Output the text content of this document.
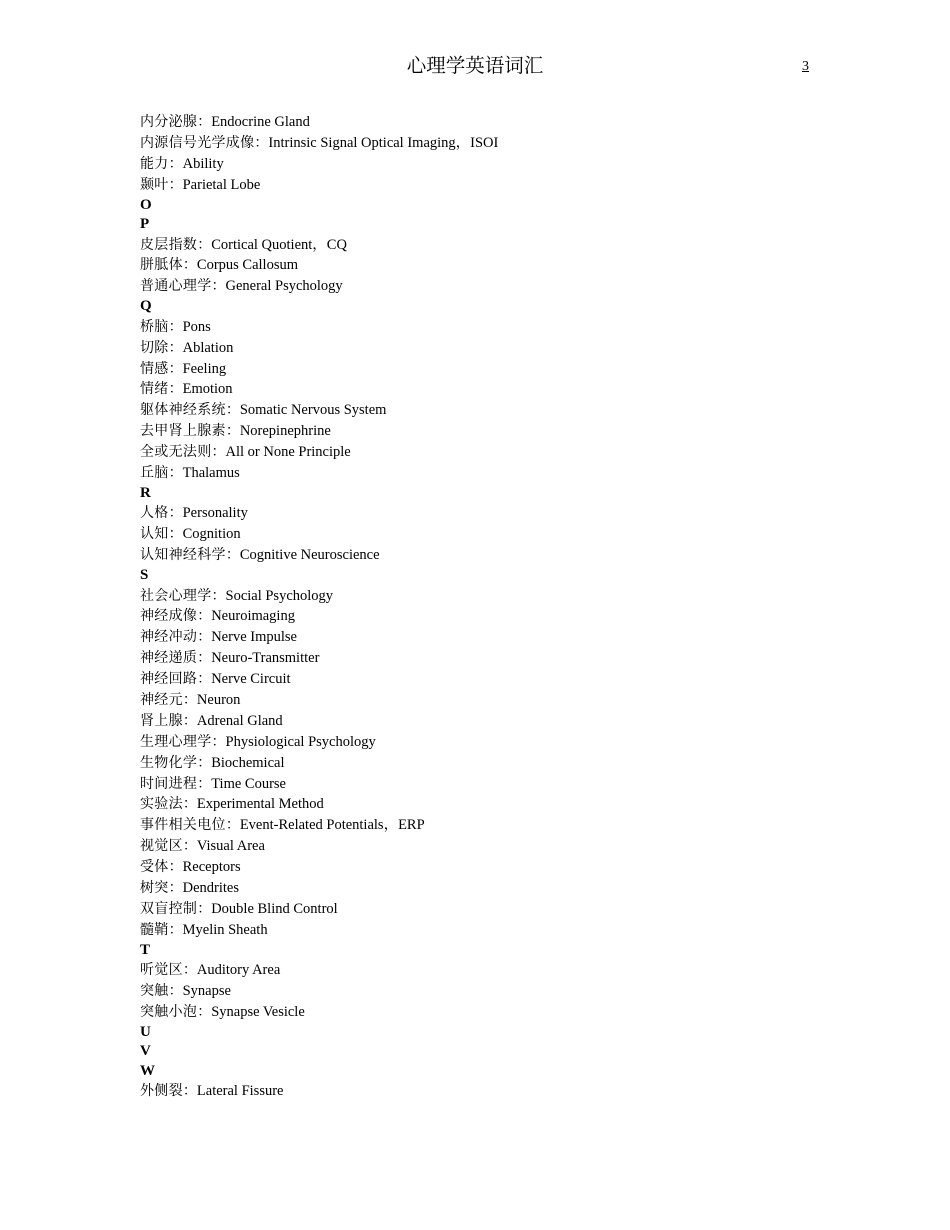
心理学英语词汇	3
内分泌腺：Endocrine Gland
内源信号光学成像：Intrinsic Signal Optical Imaging，ISOI
能力：Ability
颞叶：Parietal Lobe
O
P
皮层指数：Cortical Quotient，CQ
胼胝体：Corpus Callosum
普通心理学：General Psychology
Q
桥脑：Pons
切除：Ablation
情感：Feeling
情绪：Emotion
躯体神经系统：Somatic Nervous System
去甲肾上腺素：Norepinephrine
全或无法则：All or None Principle
丘脑：Thalamus
R
人格：Personality
认知：Cognition
认知神经科学：Cognitive Neuroscience
S
社会心理学：Social Psychology
神经成像：Neuroimaging
神经冲动：Nerve Impulse
神经递质：Neuro-Transmitter
神经回路：Nerve Circuit
神经元：Neuron
肾上腺：Adrenal Gland
生理心理学：Physiological Psychology
生物化学：Biochemical
时间进程：Time Course
实验法：Experimental Method
事件相关电位：Event-Related Potentials，ERP
视觉区：Visual Area
受体：Receptors
树突：Dendrites
双盲控制：Double Blind Control
髓鞘：Myelin Sheath
T
听觉区：Auditory Area
突触：Synapse
突触小泡：Synapse Vesicle
U
V
W
外侧裂：Lateral Fissure
